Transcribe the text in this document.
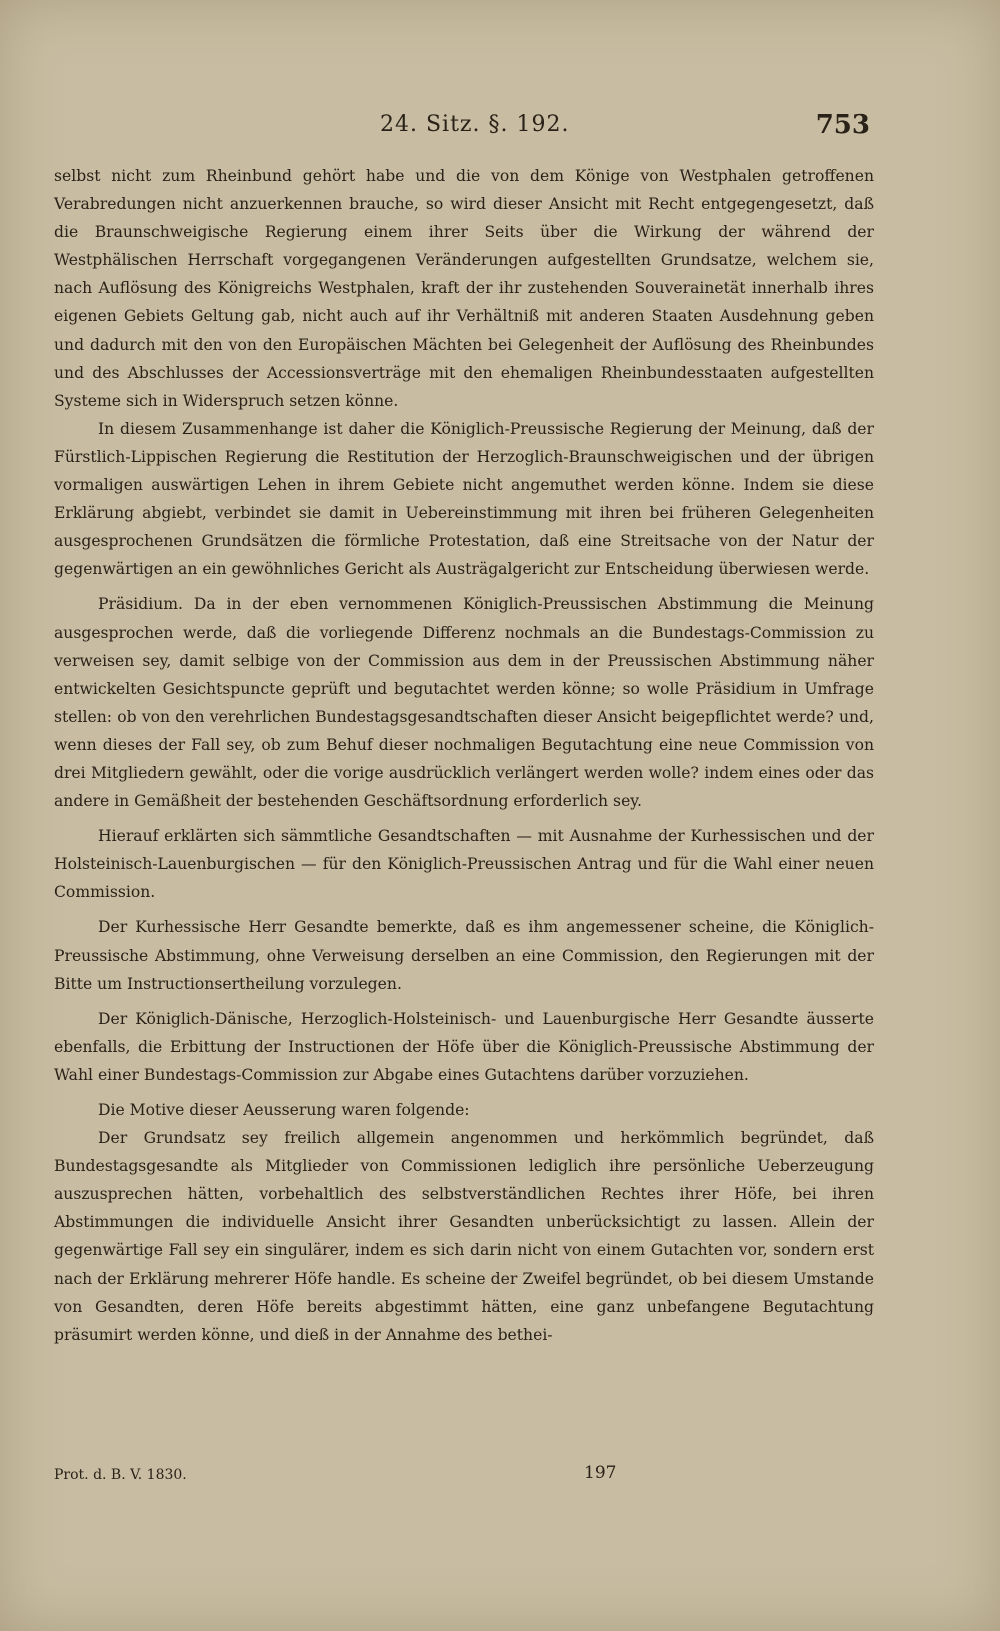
24. Sitz. §. 192.	753

selbst nicht zum Rheinbund gehört habe und die von dem Könige von Westphalen getroffenen Verabredungen nicht anzuerkennen brauche, so wird dieser Ansicht mit Recht entgegengesetzt, daß die Braunschweigische Regierung einem ihrer Seits über die Wirkung der während der Westphälischen Herrschaft vorgegangenen Veränderungen aufgestellten Grundsatze, welchem sie, nach Auflösung des Königreichs Westphalen, kraft der ihr zustehenden Souverainetät innerhalb ihres eigenen Gebiets Geltung gab, nicht auch auf ihr Verhältniß mit anderen Staaten Ausdehnung geben und dadurch mit den von den Europäischen Mächten bei Gelegenheit der Auflösung des Rheinbundes und des Abschlusses der Accessionsverträge mit den ehemaligen Rheinbundesstaaten aufgestellten Systeme sich in Widerspruch setzen könne.

In diesem Zusammenhange ist daher die Königlich-Preussische Regierung der Meinung, daß der Fürstlich-Lippischen Regierung die Restitution der Herzoglich-Braunschweigischen und der übrigen vormaligen auswärtigen Lehen in ihrem Gebiete nicht angemuthet werden könne. Indem sie diese Erklärung abgiebt, verbindet sie damit in Uebereinstimmung mit ihren bei früheren Gelegenheiten ausgesprochenen Grundsätzen die förmliche Protestation, daß eine Streitsache von der Natur der gegenwärtigen an ein gewöhnliches Gericht als Austrägalgericht zur Entscheidung überwiesen werde.

Präsidium. Da in der eben vernommenen Königlich-Preussischen Abstimmung die Meinung ausgesprochen werde, daß die vorliegende Differenz nochmals an die Bundestags-Commission zu verweisen sey, damit selbige von der Commission aus dem in der Preussischen Abstimmung näher entwickelten Gesichtspuncte geprüft und begutachtet werden könne; so wolle Präsidium in Umfrage stellen: ob von den verehrlichen Bundestagsgesandtschaften dieser Ansicht beigepflichtet werde? und, wenn dieses der Fall sey, ob zum Behuf dieser nochmaligen Begutachtung eine neue Commission von drei Mitgliedern gewählt, oder die vorige ausdrücklich verlängert werden wolle? indem eines oder das andere in Gemäßheit der bestehenden Geschäftsordnung erforderlich sey.

Hierauf erklärten sich sämmtliche Gesandtschaften — mit Ausnahme der Kurhessischen und der Holsteinisch-Lauenburgischen — für den Königlich-Preussischen Antrag und für die Wahl einer neuen Commission.

Der Kurhessische Herr Gesandte bemerkte, daß es ihm angemessener scheine, die Königlich-Preussische Abstimmung, ohne Verweisung derselben an eine Commission, den Regierungen mit der Bitte um Instructionsertheilung vorzulegen.

Der Königlich-Dänische, Herzoglich-Holsteinisch- und Lauenburgische Herr Gesandte äusserte ebenfalls, die Erbittung der Instructionen der Höfe über die Königlich-Preussische Abstimmung der Wahl einer Bundestags-Commission zur Abgabe eines Gutachtens darüber vorzuziehen.

Die Motive dieser Aeusserung waren folgende:

Der Grundsatz sey freilich allgemein angenommen und herkömmlich begründet, daß Bundestagsgesandte als Mitglieder von Commissionen lediglich ihre persönliche Ueberzeugung auszusprechen hätten, vorbehaltlich des selbstverständlichen Rechtes ihrer Höfe, bei ihren Abstimmungen die individuelle Ansicht ihrer Gesandten unberücksichtigt zu lassen. Allein der gegenwärtige Fall sey ein singulärer, indem es sich darin nicht von einem Gutachten vor, sondern erst nach der Erklärung mehrerer Höfe handle. Es scheine der Zweifel begründet, ob bei diesem Umstande von Gesandten, deren Höfe bereits abgestimmt hätten, eine ganz unbefangene Begutachtung präsumirt werden könne, und dieß in der Annahme des bethei-

Prot. d. B. V. 1830.	197
